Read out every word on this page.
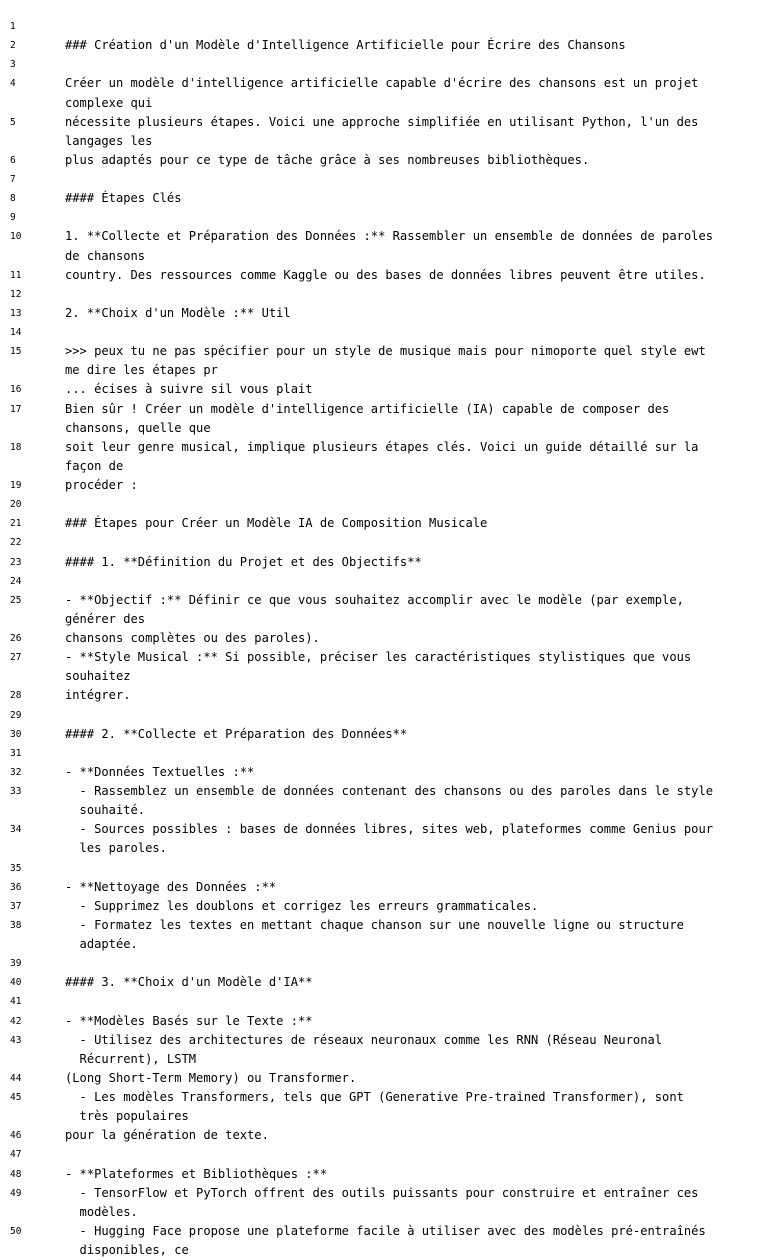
1
2	### Création d'un Modèle d'Intelligence Artificielle pour Écrire des Chansons
3
4	Créer un modèle d'intelligence artificielle capable d'écrire des chansons est un projet
complexe qui
5	nécessite plusieurs étapes. Voici une approche simplifiée en utilisant Python, l'un des
langages les
6	plus adaptés pour ce type de tâche grâce à ses nombreuses bibliothèques.
7
8	#### Étapes Clés
9
10	1. **Collecte et Préparation des Données :** Rassembler un ensemble de données de paroles
de chansons
11	country. Des ressources comme Kaggle ou des bases de données libres peuvent être utiles.
12
13	2. **Choix d'un Modèle :** Util
14
15	>>> peux tu ne pas spécifier pour un style de musique mais pour nimoporte quel style ewt
me dire les étapes pr
16	... écises à suivre sil vous plait
17	Bien sûr ! Créer un modèle d'intelligence artificielle (IA) capable de composer des
chansons, quelle que
18	soit leur genre musical, implique plusieurs étapes clés. Voici un guide détaillé sur la
façon de
19	procéder :
20
21	### Étapes pour Créer un Modèle IA de Composition Musicale
22
23	#### 1. **Définition du Projet et des Objectifs**
24
25	- **Objectif :** Définir ce que vous souhaitez accomplir avec le modèle (par exemple,
générer des
26	chansons complètes ou des paroles).
27	- **Style Musical :** Si possible, préciser les caractéristiques stylistiques que vous
souhaitez
28	intégrer.
29
30	#### 2. **Collecte et Préparation des Données**
31
32	- **Données Textuelles :**
33	- Rassemblez un ensemble de données contenant des chansons ou des paroles dans le style
souhaité.
34	- Sources possibles : bases de données libres, sites web, plateformes comme Genius pour
les paroles.
35
36	- **Nettoyage des Données :**
37	- Supprimez les doublons et corrigez les erreurs grammaticales.
38	- Formatez les textes en mettant chaque chanson sur une nouvelle ligne ou structure
adaptée.
39
40	#### 3. **Choix d'un Modèle d'IA**
41
42	- **Modèles Basés sur le Texte :**
43	- Utilisez des architectures de réseaux neuronaux comme les RNN (Réseau Neuronal
Récurrent), LSTM
44	(Long Short-Term Memory) ou Transformer.
45	- Les modèles Transformers, tels que GPT (Generative Pre-trained Transformer), sont
très populaires
46	pour la génération de texte.
47
48	- **Plateformes et Bibliothèques :**
49	- TensorFlow et PyTorch offrent des outils puissants pour construire et entraîner ces
modèles.
50	- Hugging Face propose une plateforme facile à utiliser avec des modèles pré-entraînés
disponibles, ce
